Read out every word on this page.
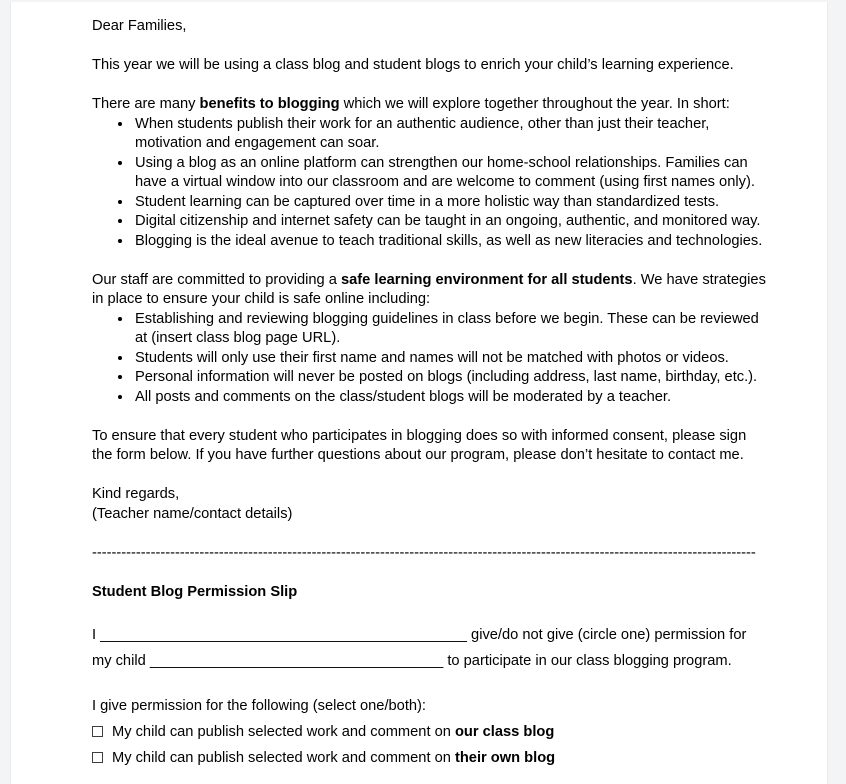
Dear Families,

This year we will be using a class blog and student blogs to enrich your child’s learning experience.

There are many benefits to blogging which we will explore together throughout the year. In short:

• When students publish their work for an authentic audience, other than just their teacher, motivation and engagement can soar.
• Using a blog as an online platform can strengthen our home-school relationships. Families can have a virtual window into our classroom and are welcome to comment (using first names only).
• Student learning can be captured over time in a more holistic way than standardized tests.
• Digital citizenship and internet safety can be taught in an ongoing, authentic, and monitored way.
• Blogging is the ideal avenue to teach traditional skills, as well as new literacies and technologies.

Our staff are committed to providing a safe learning environment for all students. We have strategies in place to ensure your child is safe online including:

• Establishing and reviewing blogging guidelines in class before we begin. These can be reviewed at (insert class blog page URL).
• Students will only use their first name and names will not be matched with photos or videos.
• Personal information will never be posted on blogs (including address, last name, birthday, etc.).
• All posts and comments on the class/student blogs will be moderated by a teacher.

To ensure that every student who participates in blogging does so with informed consent, please sign the form below. If you have further questions about our program, please don’t hesitate to contact me.

Kind regards,

(Teacher name/contact details)

----------------------------------------------------------------------------------------------------------------------------------------

Student Blog Permission Slip

I _____________________________________________ give/do not give (circle one) permission for

my child ____________________________________ to participate in our class blogging program.

I give permission for the following (select one/both):

My child can publish selected work and comment on our class blog

My child can publish selected work and comment on their own blog
